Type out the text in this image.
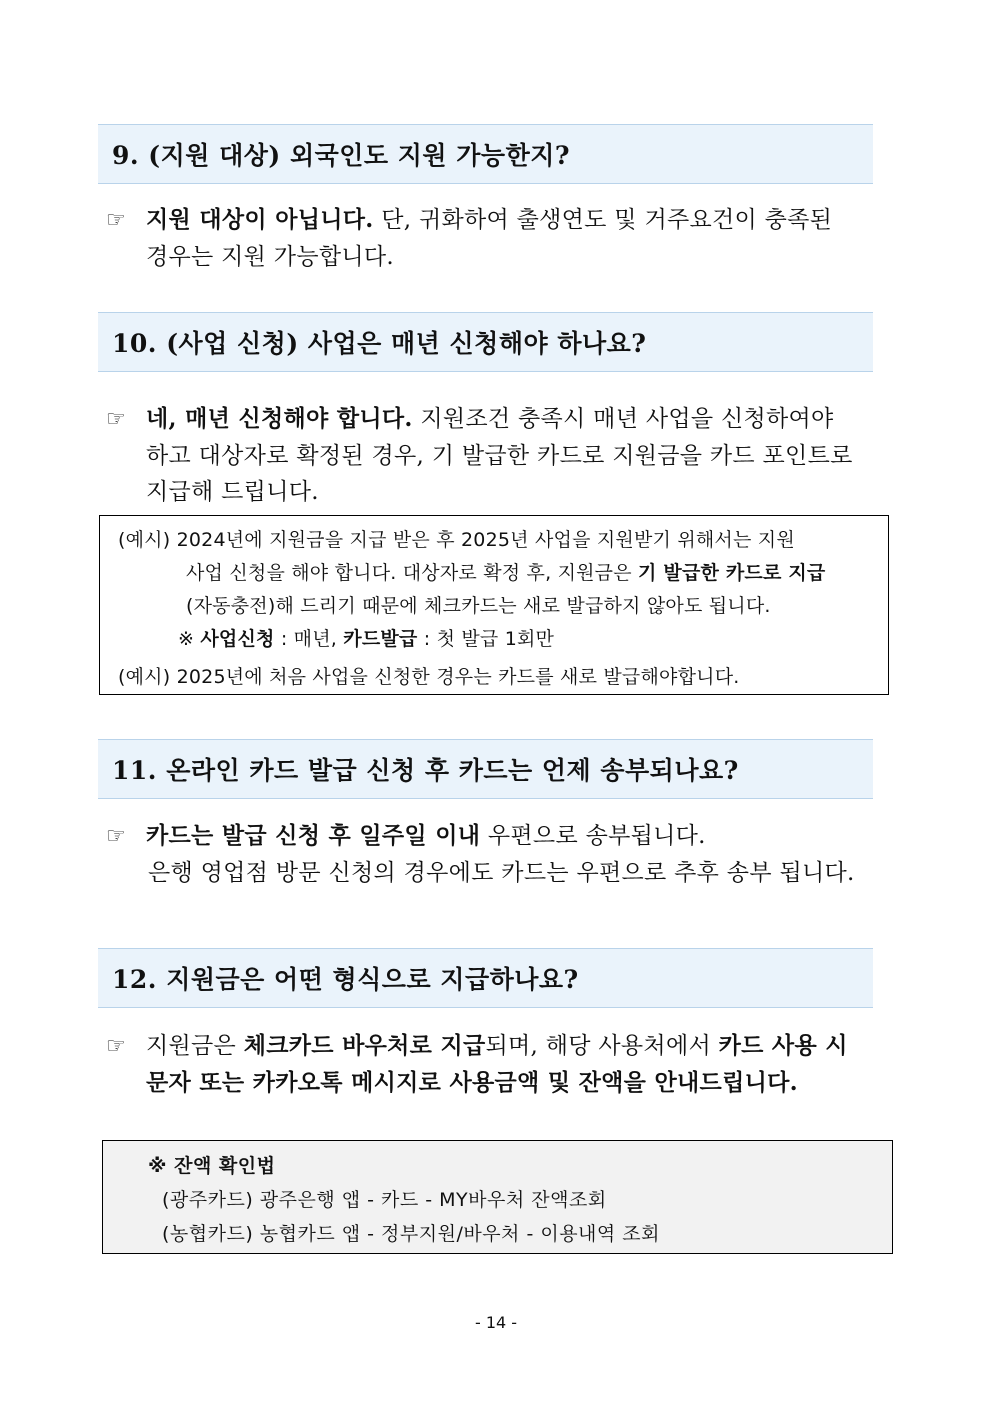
9. (지원 대상) 외국인도 지원 가능한지?
☞ 지원 대상이 아닙니다. 단, 귀화하여 출생연도 및 거주요건이 충족된
경우는 지원 가능합니다.
10. (사업 신청) 사업은 매년 신청해야 하나요?
☞ 네, 매년 신청해야 합니다. 지원조건 충족시 매년 사업을 신청하여야
하고 대상자로 확정된 경우, 기 발급한 카드로 지원금을 카드 포인트로
지급해 드립니다.
(예시) 2024년에 지원금을 지급 받은 후 2025년 사업을 지원받기 위해서는 지원
사업 신청을 해야 합니다. 대상자로 확정 후, 지원금은 기 발급한 카드로 지급
(자동충전)해 드리기 때문에 체크카드는 새로 발급하지 않아도 됩니다.
※ 사업신청 : 매년, 카드발급 : 첫 발급 1회만
(예시) 2025년에 처음 사업을 신청한 경우는 카드를 새로 발급해야합니다.
11. 온라인 카드 발급 신청 후 카드는 언제 송부되나요?
☞ 카드는 발급 신청 후 일주일 이내 우편으로 송부됩니다.
은행 영업점 방문 신청의 경우에도 카드는 우편으로 추후 송부 됩니다.
12. 지원금은 어떤 형식으로 지급하나요?
☞ 지원금은 체크카드 바우처로 지급되며, 해당 사용처에서 카드 사용 시
문자 또는 카카오톡 메시지로 사용금액 및 잔액을 안내드립니다.
※ 잔액 확인법
(광주카드) 광주은행 앱 - 카드 - MY바우처 잔액조회
(농협카드) 농협카드 앱 - 정부지원/바우처 - 이용내역 조회
- 14 -
